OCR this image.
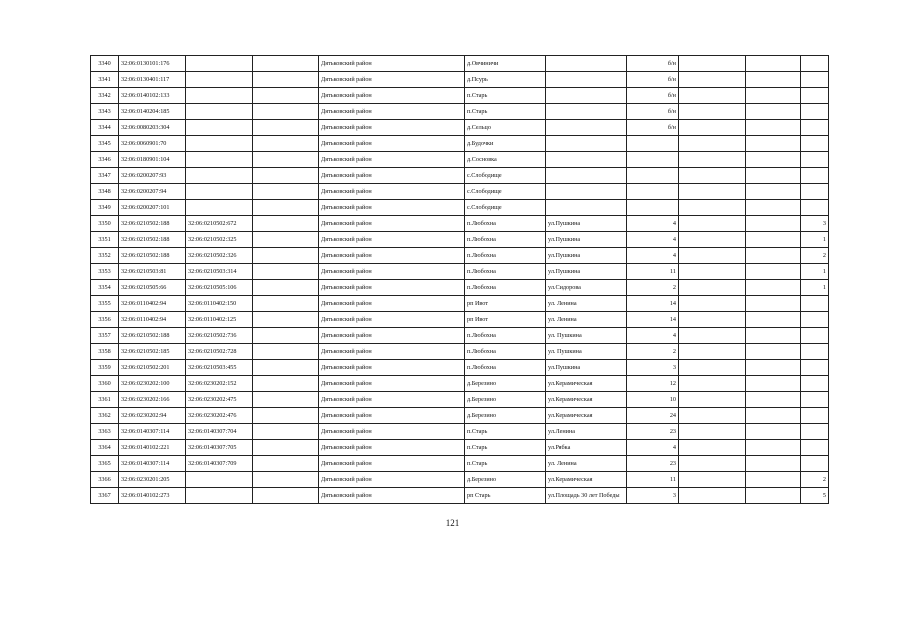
3340	32:06:0130101:176			Дятьковский район	д.Овчиничи		б/н			
3341	32:06:0130401:117			Дятьковский район	д.Псурь		б/н			
3342	32:06:0140102:133			Дятьковский район	п.Старь		б/н			
3343	32:06:0140204:185			Дятьковский район	п.Старь		б/н			
3344	32:06:0080203:304			Дятьковский район	д.Сельцо		б/н			
3345	32:06:0060901:70			Дятьковский район	д.Будочки					
3346	32:06:0180901:104			Дятьковский район	д.Сосновка					
3347	32:06:0200207:93			Дятьковский район	с.Слободище					
3348	32:06:0200207:94			Дятьковский район	с.Слободище					
3349	32:06:0200207:101			Дятьковский район	с.Слободище					
3350	32:06:0210502:188	32:06:0210502:672		Дятьковский район	п.Любохна	ул.Пушкина	4			3
3351	32:06:0210502:188	32:06:0210502:325		Дятьковский район	п.Любохна	ул.Пушкина	4			1
3352	32:06:0210502:188	32:06:0210502:326		Дятьковский район	п.Любохна	ул.Пушкина	4			2
3353	32:06:0210503:81	32:06:0210503:314		Дятьковский район	п.Любохна	ул.Пушкина	11			1
3354	32:06:0210505:66	32:06:0210505:106		Дятьковский район	п.Любохна	ул.Сидорова	2			1
3355	32:06:0110402:94	32:06:0110402:150		Дятьковский район	рп Ивот	ул. Ленина	14			
3356	32:06:0110402:94	32:06:0110402:125		Дятьковский район	рп Ивот	ул. Ленина	14			
3357	32:06:0210502:188	32:06:0210502:736		Дятьковский район	п.Любохна	ул. Пушкина	4			
3358	32:06:0210502:185	32:06:0210502:728		Дятьковский район	п.Любохна	ул. Пушкина	2			
3359	32:06:0210502:201	32:06:0210503:455		Дятьковский район	п.Любохна	ул.Пушкина	3			
3360	32:06:0230202:100	32:06:0230202:152		Дятьковский район	д.Березино	ул.Керамическая	12			
3361	32:06:0230202:166	32:06:0230202:475		Дятьковский район	д.Березино	ул.Керамическая	10			
3362	32:06:0230202:94	32:06:0230202:476		Дятьковский район	д.Березино	ул.Керамическая	24			
3363	32:06:0140307:114	32:06:0140307:704		Дятьковский район	п.Старь	ул.Ленина	23			
3364	32:06:0140102:221	32:06:0140307:705		Дятьковский район	п.Старь	ул.Рябка	4			
3365	32:06:0140307:114	32:06:0140307:709		Дятьковский район	п.Старь	ул. Ленина	23			
3366	32:06:0230201:205			Дятьковский район	д.Березино	ул.Керамическая	11			2
3367	32:06:0140102:273			Дятьковский район	рп Старь	ул.Площадь 30 лет Победы	3			5
121
